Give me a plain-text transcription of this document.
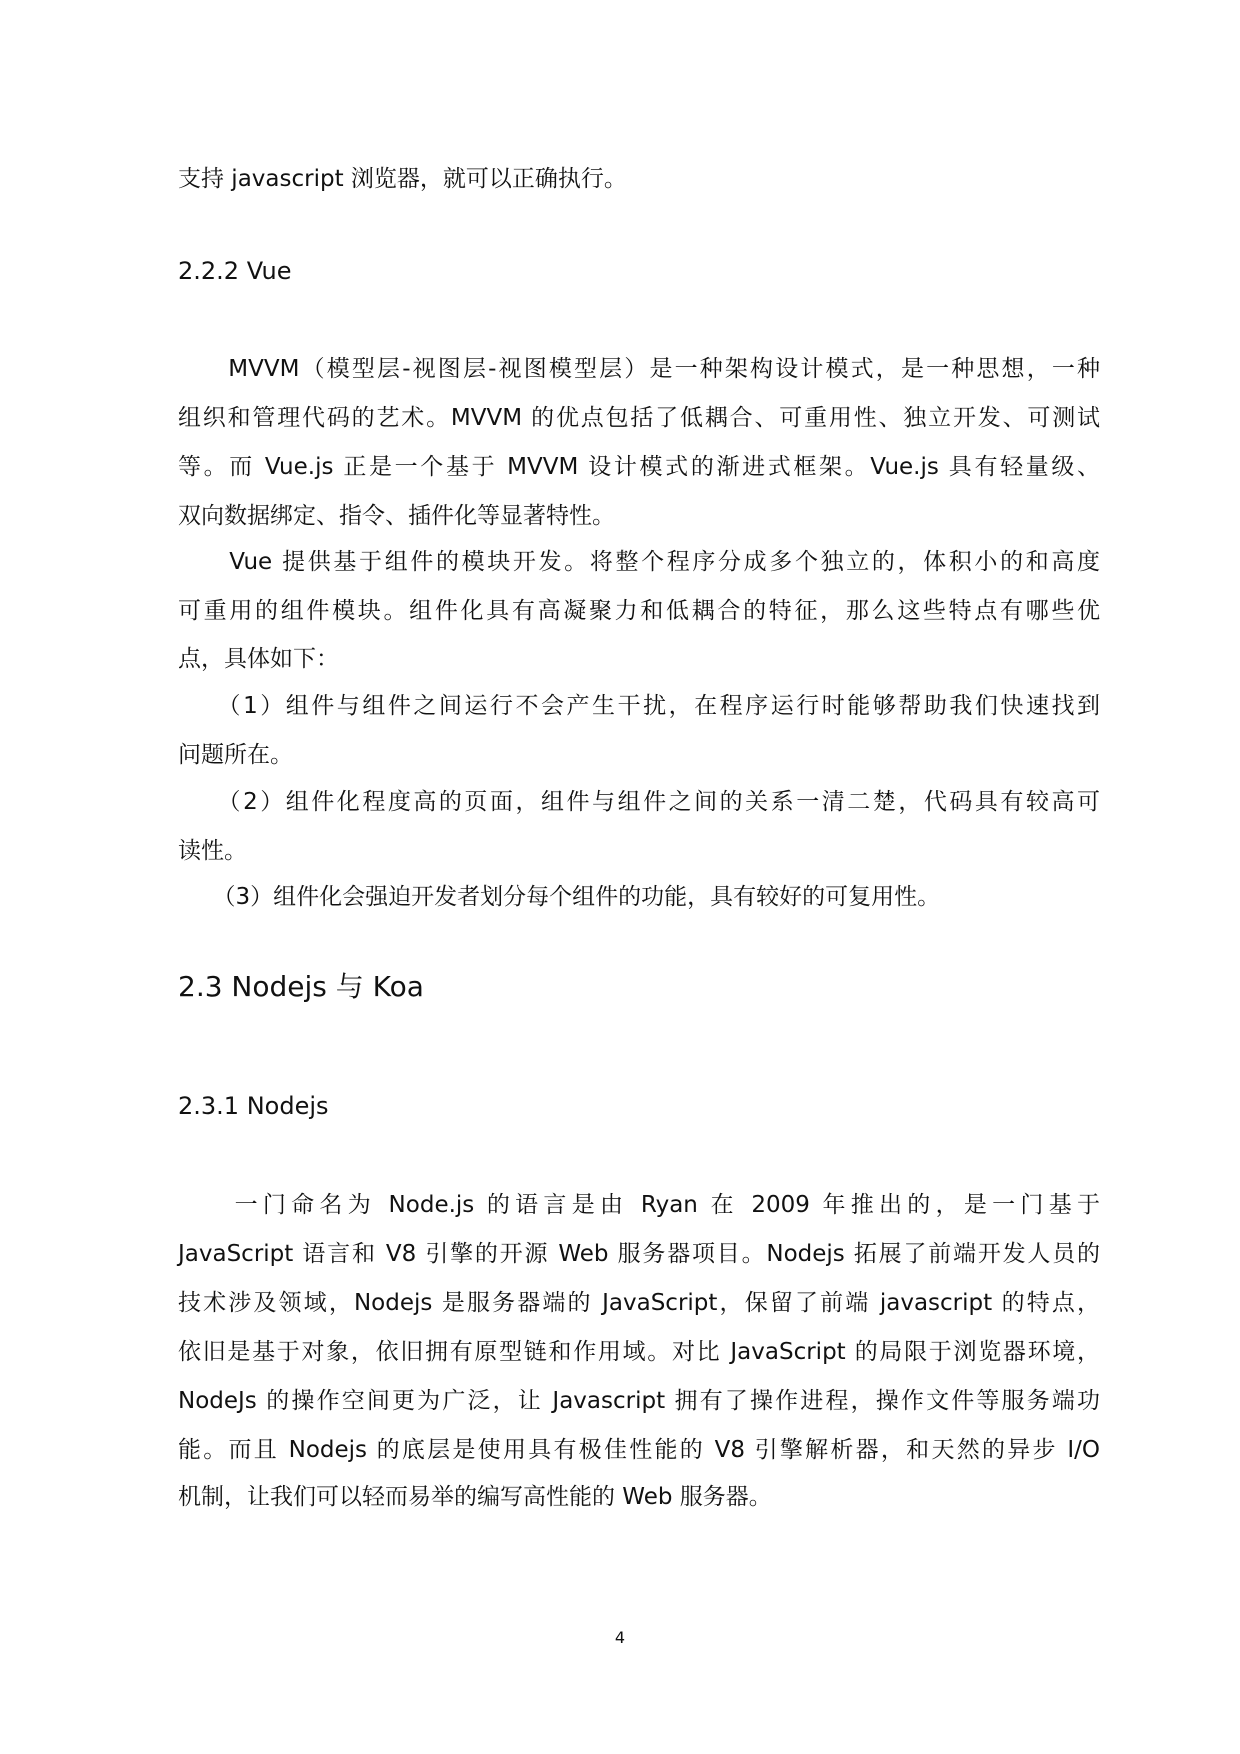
支持 javascript 浏览器，就可以正确执行。
2.2.2 Vue
　　MVVM（模型层-视图层-视图模型层）是一种架构设计模式，是一种思想，一种
组织和管理代码的艺术。MVVM 的优点包括了低耦合、可重用性、独立开发、可测试
等。而 Vue.js 正是一个基于 MVVM 设计模式的渐进式框架。Vue.js 具有轻量级、
双向数据绑定、指令、插件化等显著特性。
　　Vue 提供基于组件的模块开发。将整个程序分成多个独立的，体积小的和高度
可重用的组件模块。组件化具有高凝聚力和低耦合的特征，那么这些特点有哪些优
点，具体如下：
　　（1）组件与组件之间运行不会产生干扰，在程序运行时能够帮助我们快速找到
问题所在。
　　（2）组件化程度高的页面，组件与组件之间的关系一清二楚，代码具有较高可
读性。
　　（3）组件化会强迫开发者划分每个组件的功能，具有较好的可复用性。
2.3 Nodejs 与 Koa
2.3.1 Nodejs
　　一门命名为 Node.js 的语言是由 Ryan 在 2009 年推出的，是一门基于
JavaScript 语言和 V8 引擎的开源 Web 服务器项目。Nodejs 拓展了前端开发人员的
技术涉及领域，Nodejs 是服务器端的 JavaScript，保留了前端 javascript 的特点，
依旧是基于对象，依旧拥有原型链和作用域。对比 JavaScript 的局限于浏览器环境，
NodeJs 的操作空间更为广泛，让 Javascript 拥有了操作进程，操作文件等服务端功
能。而且 Nodejs 的底层是使用具有极佳性能的 V8 引擎解析器，和天然的异步 I/O
机制，让我们可以轻而易举的编写高性能的 Web 服务器。
4
